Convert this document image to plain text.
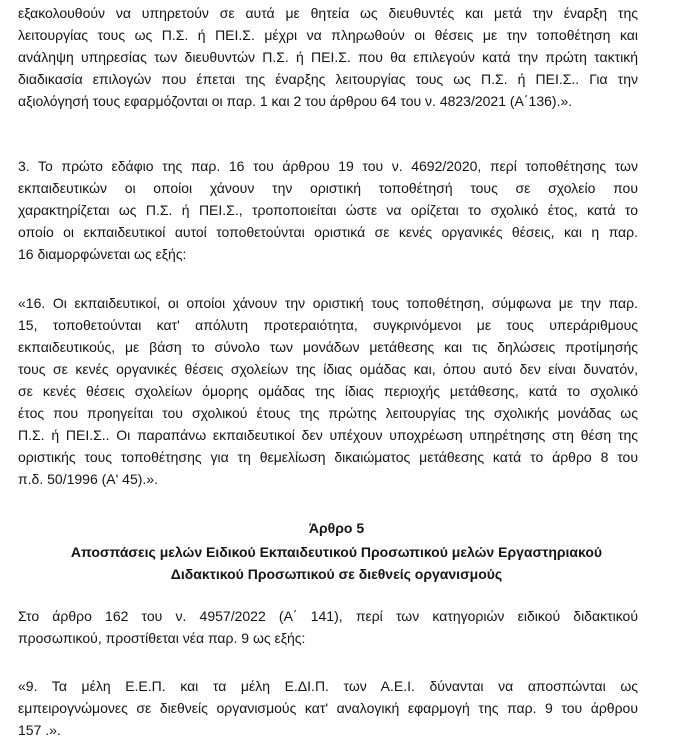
εξακολουθούν να υπηρετούν σε αυτά με θητεία ως διευθυντές και μετά την έναρξη της
λειτουργίας τους ως Π.Σ. ή ΠΕΙ.Σ. μέχρι να πληρωθούν οι θέσεις με την τοποθέτηση και
ανάληψη υπηρεσίας των διευθυντών Π.Σ. ή ΠΕΙ.Σ. που θα επιλεγούν κατά την πρώτη τακτική
διαδικασία επιλογών που έπεται της έναρξης λειτουργίας τους ως Π.Σ. ή ΠΕΙ.Σ.. Για την
αξιολόγησή τους εφαρμόζονται οι παρ. 1 και 2 του άρθρου 64 του ν. 4823/2021 (Α΄136).».
3. Το πρώτο εδάφιο της παρ. 16 του άρθρου 19 του ν. 4692/2020, περί τοποθέτησης των
εκπαιδευτικών οι οποίοι χάνουν την οριστική τοποθέτησή τους σε σχολείο που
χαρακτηρίζεται ως Π.Σ. ή ΠΕΙ.Σ., τροποποιείται ώστε να ορίζεται το σχολικό έτος, κατά το
οποίο οι εκπαιδευτικοί αυτοί τοποθετούνται οριστικά σε κενές οργανικές θέσεις, και η παρ.
16 διαμορφώνεται ως εξής:
«16. Οι εκπαιδευτικοί, οι οποίοι χάνουν την οριστική τους τοποθέτηση, σύμφωνα με την παρ.
15, τοποθετούνται κατ' απόλυτη προτεραιότητα, συγκρινόμενοι με τους υπεράριθμους
εκπαιδευτικούς, με βάση το σύνολο των μονάδων μετάθεσης και τις δηλώσεις προτίμησής
τους σε κενές οργανικές θέσεις σχολείων της ίδιας ομάδας και, όπου αυτό δεν είναι δυνατόν,
σε κενές θέσεις σχολείων όμορης ομάδας της ίδιας περιοχής μετάθεσης, κατά το σχολικό
έτος που προηγείται του σχολικού έτους της πρώτης λειτουργίας της σχολικής μονάδας ως
Π.Σ. ή ΠΕΙ.Σ.. Οι παραπάνω εκπαιδευτικοί δεν υπέχουν υποχρέωση υπηρέτησης στη θέση της
οριστικής τους τοποθέτησης για τη θεμελίωση δικαιώματος μετάθεσης κατά το άρθρο 8 του
π.δ. 50/1996 (Α' 45).».
Άρθρο 5
Αποσπάσεις μελών Ειδικού Εκπαιδευτικού Προσωπικού μελών Εργαστηριακού
Διδακτικού Προσωπικού σε διεθνείς οργανισμούς
Στο άρθρο 162 του ν. 4957/2022 (Α΄ 141), περί των κατηγοριών ειδικού διδακτικού
προσωπικού, προστίθεται νέα παρ. 9 ως εξής:
«9. Τα μέλη Ε.Ε.Π. και τα μέλη Ε.ΔΙ.Π. των Α.Ε.Ι. δύνανται να αποσπώνται ως
εμπειρογνώμονες σε διεθνείς οργανισμούς κατ' αναλογική εφαρμογή της παρ. 9 του άρθρου
157 .».
